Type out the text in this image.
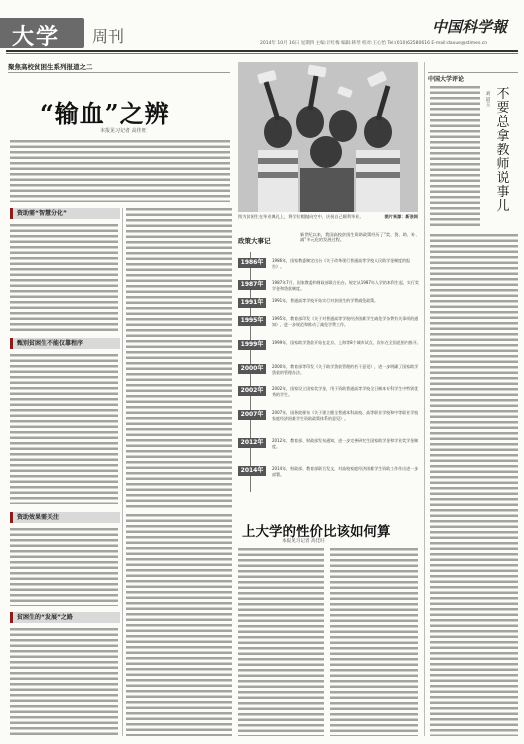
大学 周刊	中国科学報
2014年 10月 16日 星期四 主编:计红梅 编辑:韩琴 校对:王心怡 Tel:(010)62580616 E-mail:daxue@stimes.cn
聚焦高校贫困生系列报道之二
“输血”之辨
本报见习记者 高佳旺
资助需“智慧分化”
甄别贫困生不能仅靠程序
资助效果需关注
贫困生的“发展”之路
图为贫困生在毕业典礼上，将学位帽抛向空中，庆祝自己顺利毕业。	图片来源：新浪网
政策大事记
新世纪以来，我国高校贫困生资助政策经历了“奖、贷、助、补、减”多元化的发展过程。
1986年	1986年，国家教委制定出台《关于改革现行普通高等学校人民助学金制度的报告》。
1987年	1987年7月，国家教委和财政部联合出台。规定从1987年入学的本科生起，实行奖学金和贷款制度。
1991年	1991年，普通高等学校开始实行对贫困生的学费减免政策。
1995年	1995年，教育部印发《关于对普通高等学校经济困难学生减免学杂费有关事项的通知》，进一步规范和推动了减免学费工作。
1999年	1999年，国家助学贷款开始在北京、上海等8个城市试点，次年在全国范围内推开。
2000年	2000年，教育部等印发《关于助学贷款管理的若干意见》，进一步明确了国家助学贷款的管理办法。
2002年	2002年，国家设立国家奖学金，用于资助普通高等学校全日制本专科学生中特别优秀的学生。
2007年	2007年，国务院颁布《关于建立健全普通本科高校、高等职业学校和中等职业学校家庭经济困难学生资助政策体系的意见》。
2012年	2012年，教育部、财政部发布通知，进一步完善研究生国家助学金和学业奖学金制度。
2014年	2014年，财政部、教育部联合发文，对高校家庭经济困难学生资助工作作出进一步部署。
上大学的性价比该如何算
本报见习记者 高佳旺
中国大学评论
不要总拿教师说事儿
刘道玉
